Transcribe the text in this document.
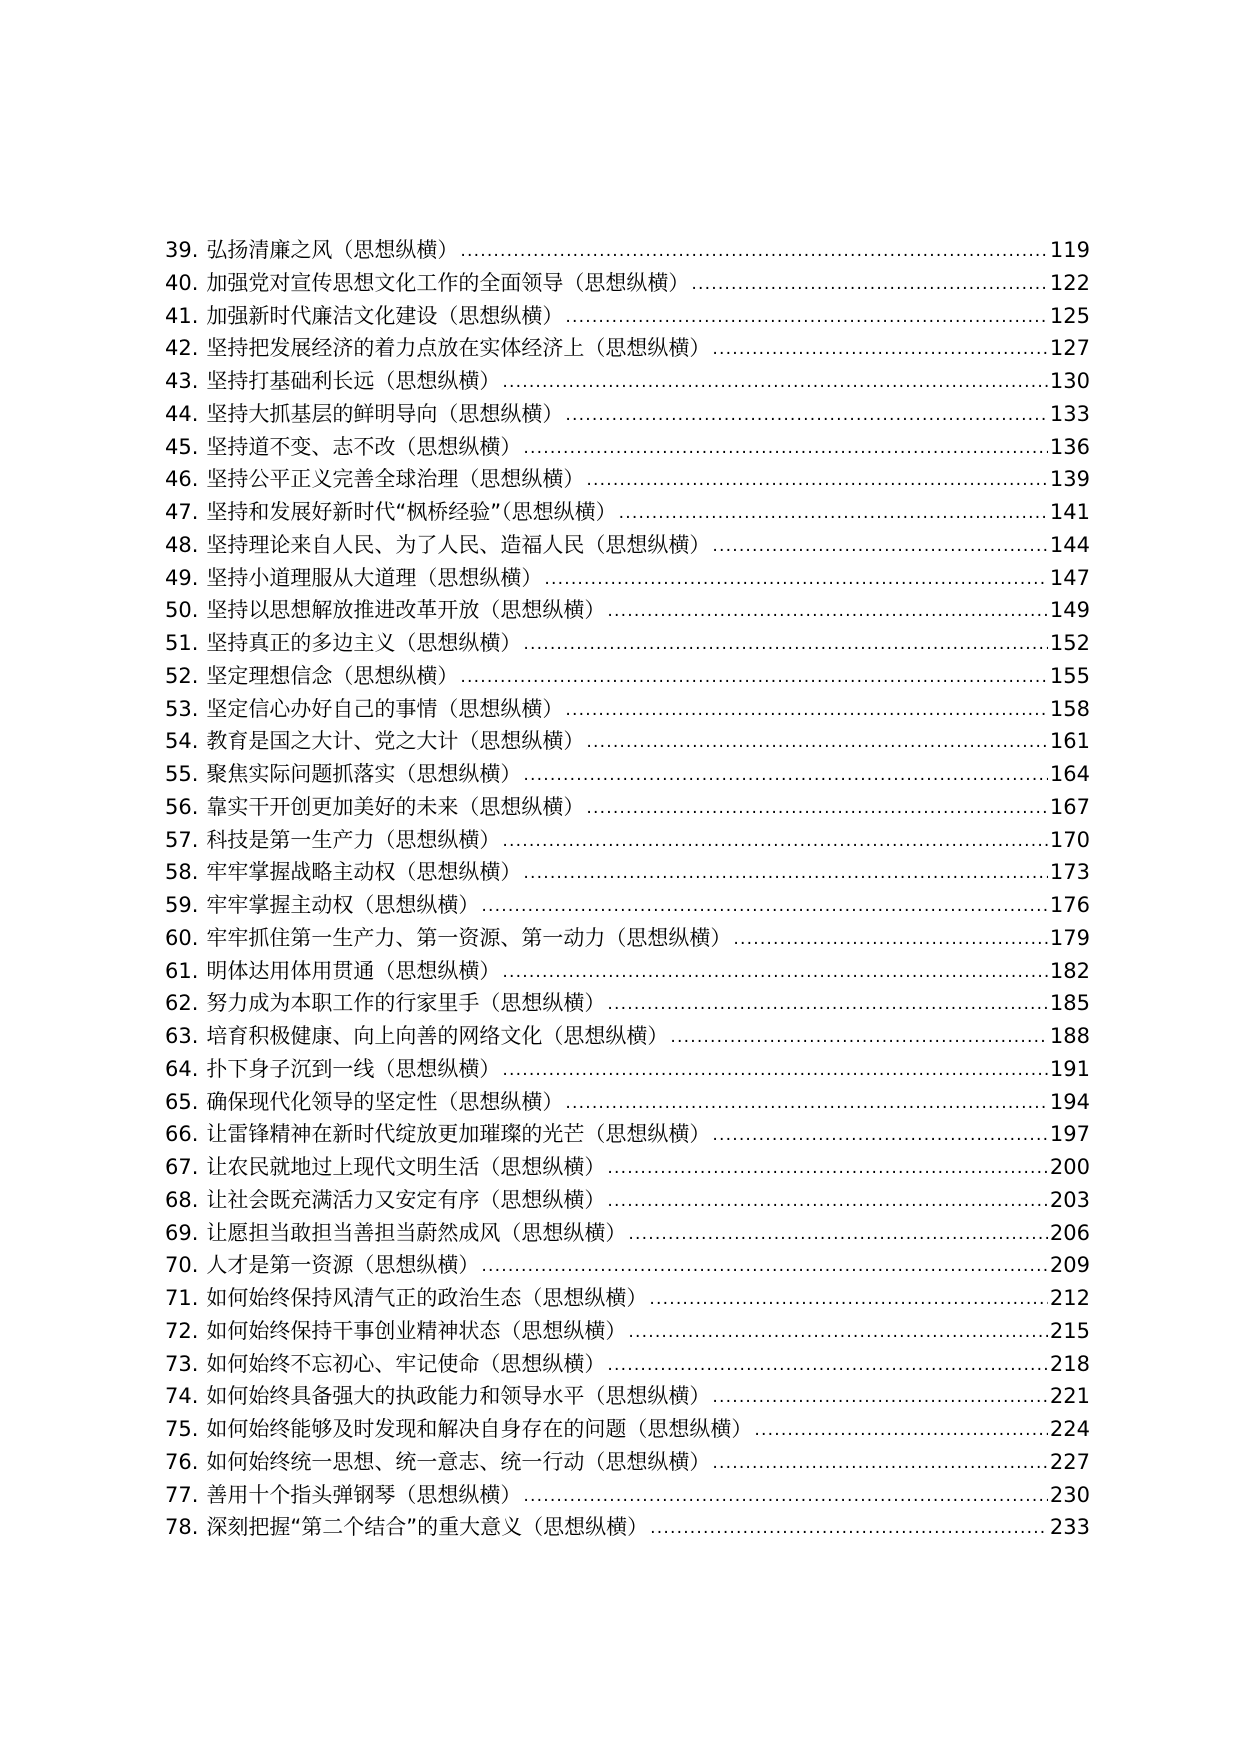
39. 弘扬清廉之风（思想纵横） .....	119
40. 加强党对宣传思想文化工作的全面领导（思想纵横） .....	122
41. 加强新时代廉洁文化建设（思想纵横） .....	125
42. 坚持把发展经济的着力点放在实体经济上（思想纵横） .....	127
43. 坚持打基础利长远（思想纵横） .....	130
44. 坚持大抓基层的鲜明导向（思想纵横） .....	133
45. 坚持道不变、志不改（思想纵横） .....	136
46. 坚持公平正义完善全球治理（思想纵横） .....	139
47. 坚持和发展好新时代“枫桥经验”（思想纵横） .....	141
48. 坚持理论来自人民、为了人民、造福人民（思想纵横） .....	144
49. 坚持小道理服从大道理（思想纵横） .....	147
50. 坚持以思想解放推进改革开放（思想纵横） .....	149
51. 坚持真正的多边主义（思想纵横） .....	152
52. 坚定理想信念（思想纵横） .....	155
53. 坚定信心办好自己的事情（思想纵横） .....	158
54. 教育是国之大计、党之大计（思想纵横） .....	161
55. 聚焦实际问题抓落实（思想纵横） .....	164
56. 靠实干开创更加美好的未来（思想纵横） .....	167
57. 科技是第一生产力（思想纵横） .....	170
58. 牢牢掌握战略主动权（思想纵横） .....	173
59. 牢牢掌握主动权（思想纵横） .....	176
60. 牢牢抓住第一生产力、第一资源、第一动力（思想纵横） .....	179
61. 明体达用体用贯通（思想纵横） .....	182
62. 努力成为本职工作的行家里手（思想纵横） .....	185
63. 培育积极健康、向上向善的网络文化（思想纵横） .....	188
64. 扑下身子沉到一线（思想纵横） .....	191
65. 确保现代化领导的坚定性（思想纵横） .....	194
66. 让雷锋精神在新时代绽放更加璀璨的光芒（思想纵横） .....	197
67. 让农民就地过上现代文明生活（思想纵横） .....	200
68. 让社会既充满活力又安定有序（思想纵横） .....	203
69. 让愿担当敢担当善担当蔚然成风（思想纵横） .....	206
70. 人才是第一资源（思想纵横） .....	209
71. 如何始终保持风清气正的政治生态（思想纵横） .....	212
72. 如何始终保持干事创业精神状态（思想纵横） .....	215
73. 如何始终不忘初心、牢记使命（思想纵横） .....	218
74. 如何始终具备强大的执政能力和领导水平（思想纵横） .....	221
75. 如何始终能够及时发现和解决自身存在的问题（思想纵横） .....	224
76. 如何始终统一思想、统一意志、统一行动（思想纵横） .....	227
77. 善用十个指头弹钢琴（思想纵横） .....	230
78. 深刻把握“第二个结合”的重大意义（思想纵横） .....	233
